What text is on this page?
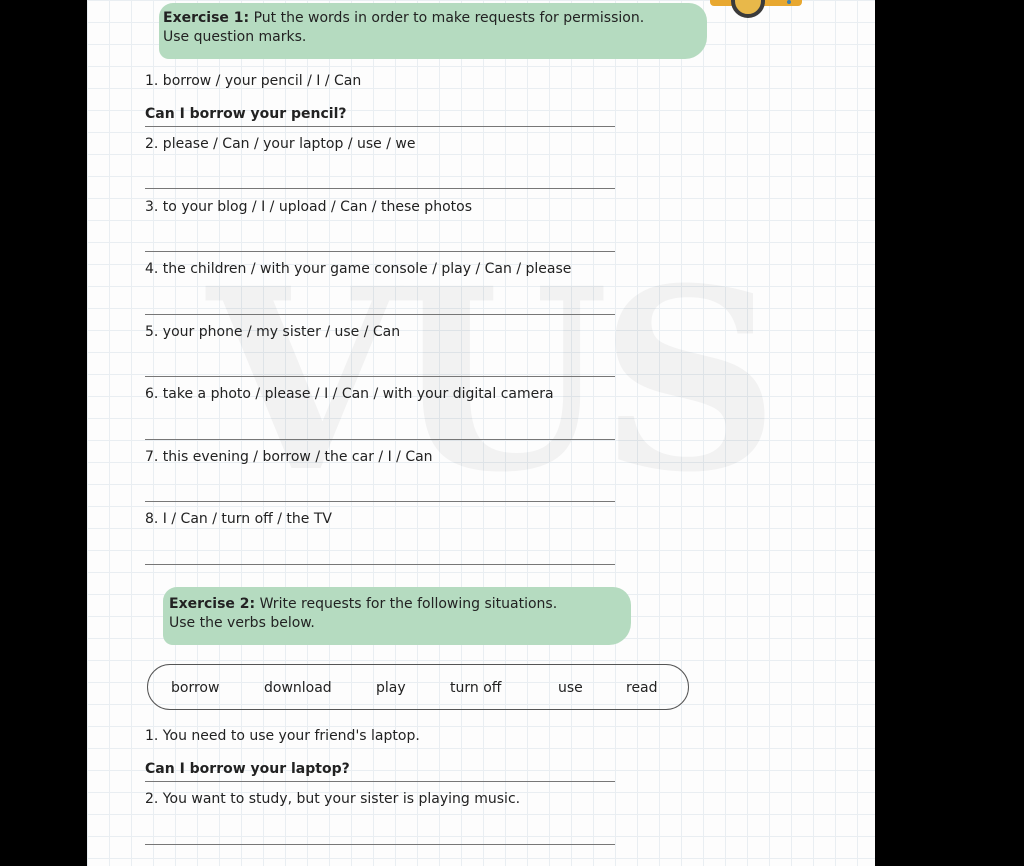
Exercise 1: Put the words in order to make requests for permission.
Use question marks.
1. borrow / your pencil / I / Can
Can I borrow your pencil?
2. please / Can / your laptop / use / we
3. to your blog / I / upload / Can / these photos
4. the children / with your game console / play / Can / please
5. your phone / my sister / use / Can
6. take a photo / please / I / Can / with your digital camera
7. this evening / borrow / the car / I / Can
8. I / Can / turn off / the TV
Exercise 2: Write requests for the following situations.
Use the verbs below.
borrow	download	play	turn off	use	read
1. You need to use your friend's laptop.
Can I borrow your laptop?
2. You want to study, but your sister is playing music.
